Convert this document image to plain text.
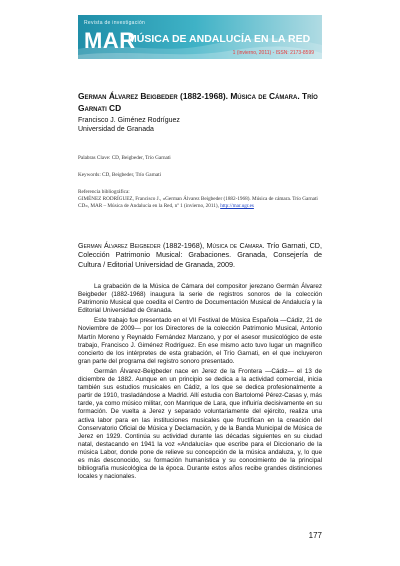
Revista de investigación
MAR
MÚSICA DE ANDALUCÍA EN LA RED
1 (invierno, 2011) - ISSN: 2173-8599
German Álvarez Beigbeder (1882-1968). Música de Cámara. Trío
Garnati CD
Francisco J. Giménez Rodríguez
Universidad de Granada
Palabras Clave: CD, Beigbeder, Trío Garnati
Keywords: CD, Beigbeder, Trío Garnati
Referencia bibliográfica:
GIMÉNEZ RODRÍGUEZ, Francisco J., «German Álvarez Beigbeder (1882-1968). Música de cámara. Trío Garnati CD», MAR – Música de Andalucía en la Red, nº 1 (invierno, 2011), http://mar.ugr.es
German Álvarez Beigbeder (1882-1968), Música de Cámara. Trío Garnati, CD, Colección Patrimonio Musical: Grabaciones. Granada, Consejería de Cultura / Editorial Universidad de Granada, 2009.

La grabación de la Música de Cámara del compositor jerezano Germán Álvarez Beigbeder (1882-1968) inaugura la serie de registros sonoros de la colección Patrimonio Musical que coedita el Centro de Documentación Musical de Andalucía y la Editorial Universidad de Granada.

Este trabajo fue presentado en el VII Festival de Música Española —Cádiz, 21 de Noviembre de 2009— por los Directores de la colección Patrimonio Musical, Antonio Martín Moreno y Reynaldo Fernández Manzano, y por el asesor musicológico de este trabajo, Francisco J. Giménez Rodríguez. En ese mismo acto tuvo lugar un magnífico concierto de los intérpretes de esta grabación, el Trío Garnati, en el que incluyeron gran parte del programa del registro sonoro presentado.

Germán Álvarez-Beigbeder nace en Jerez de la Frontera —Cádiz— el 13 de diciembre de 1882. Aunque en un principio se dedica a la actividad comercial, inicia también sus estudios musicales en Cádiz, a los que se dedica profesionalmente a partir de 1910, trasladándose a Madrid. Allí estudia con Bartolomé Pérez-Casas y, más tarde, ya como músico militar, con Manrique de Lara, que influiría decisivamente en su formación. De vuelta a Jerez y separado voluntariamente del ejército, realiza una activa labor para en las instituciones musicales que fructifican en la creación del Conservatorio Oficial de Música y Declamación, y de la Banda Municipal de Música de Jerez en 1929. Continúa su actividad durante las décadas siguientes en su ciudad natal, destacando en 1941 la voz «Andalucía» que escribe para el Diccionario de la música Labor, donde pone de relieve su concepción de la música andaluza, y, lo que es más desconocido, su formación humanística y su conocimiento de la principal bibliografía musicológica de la época. Durante estos años recibe grandes distinciones locales y nacionales.

177
